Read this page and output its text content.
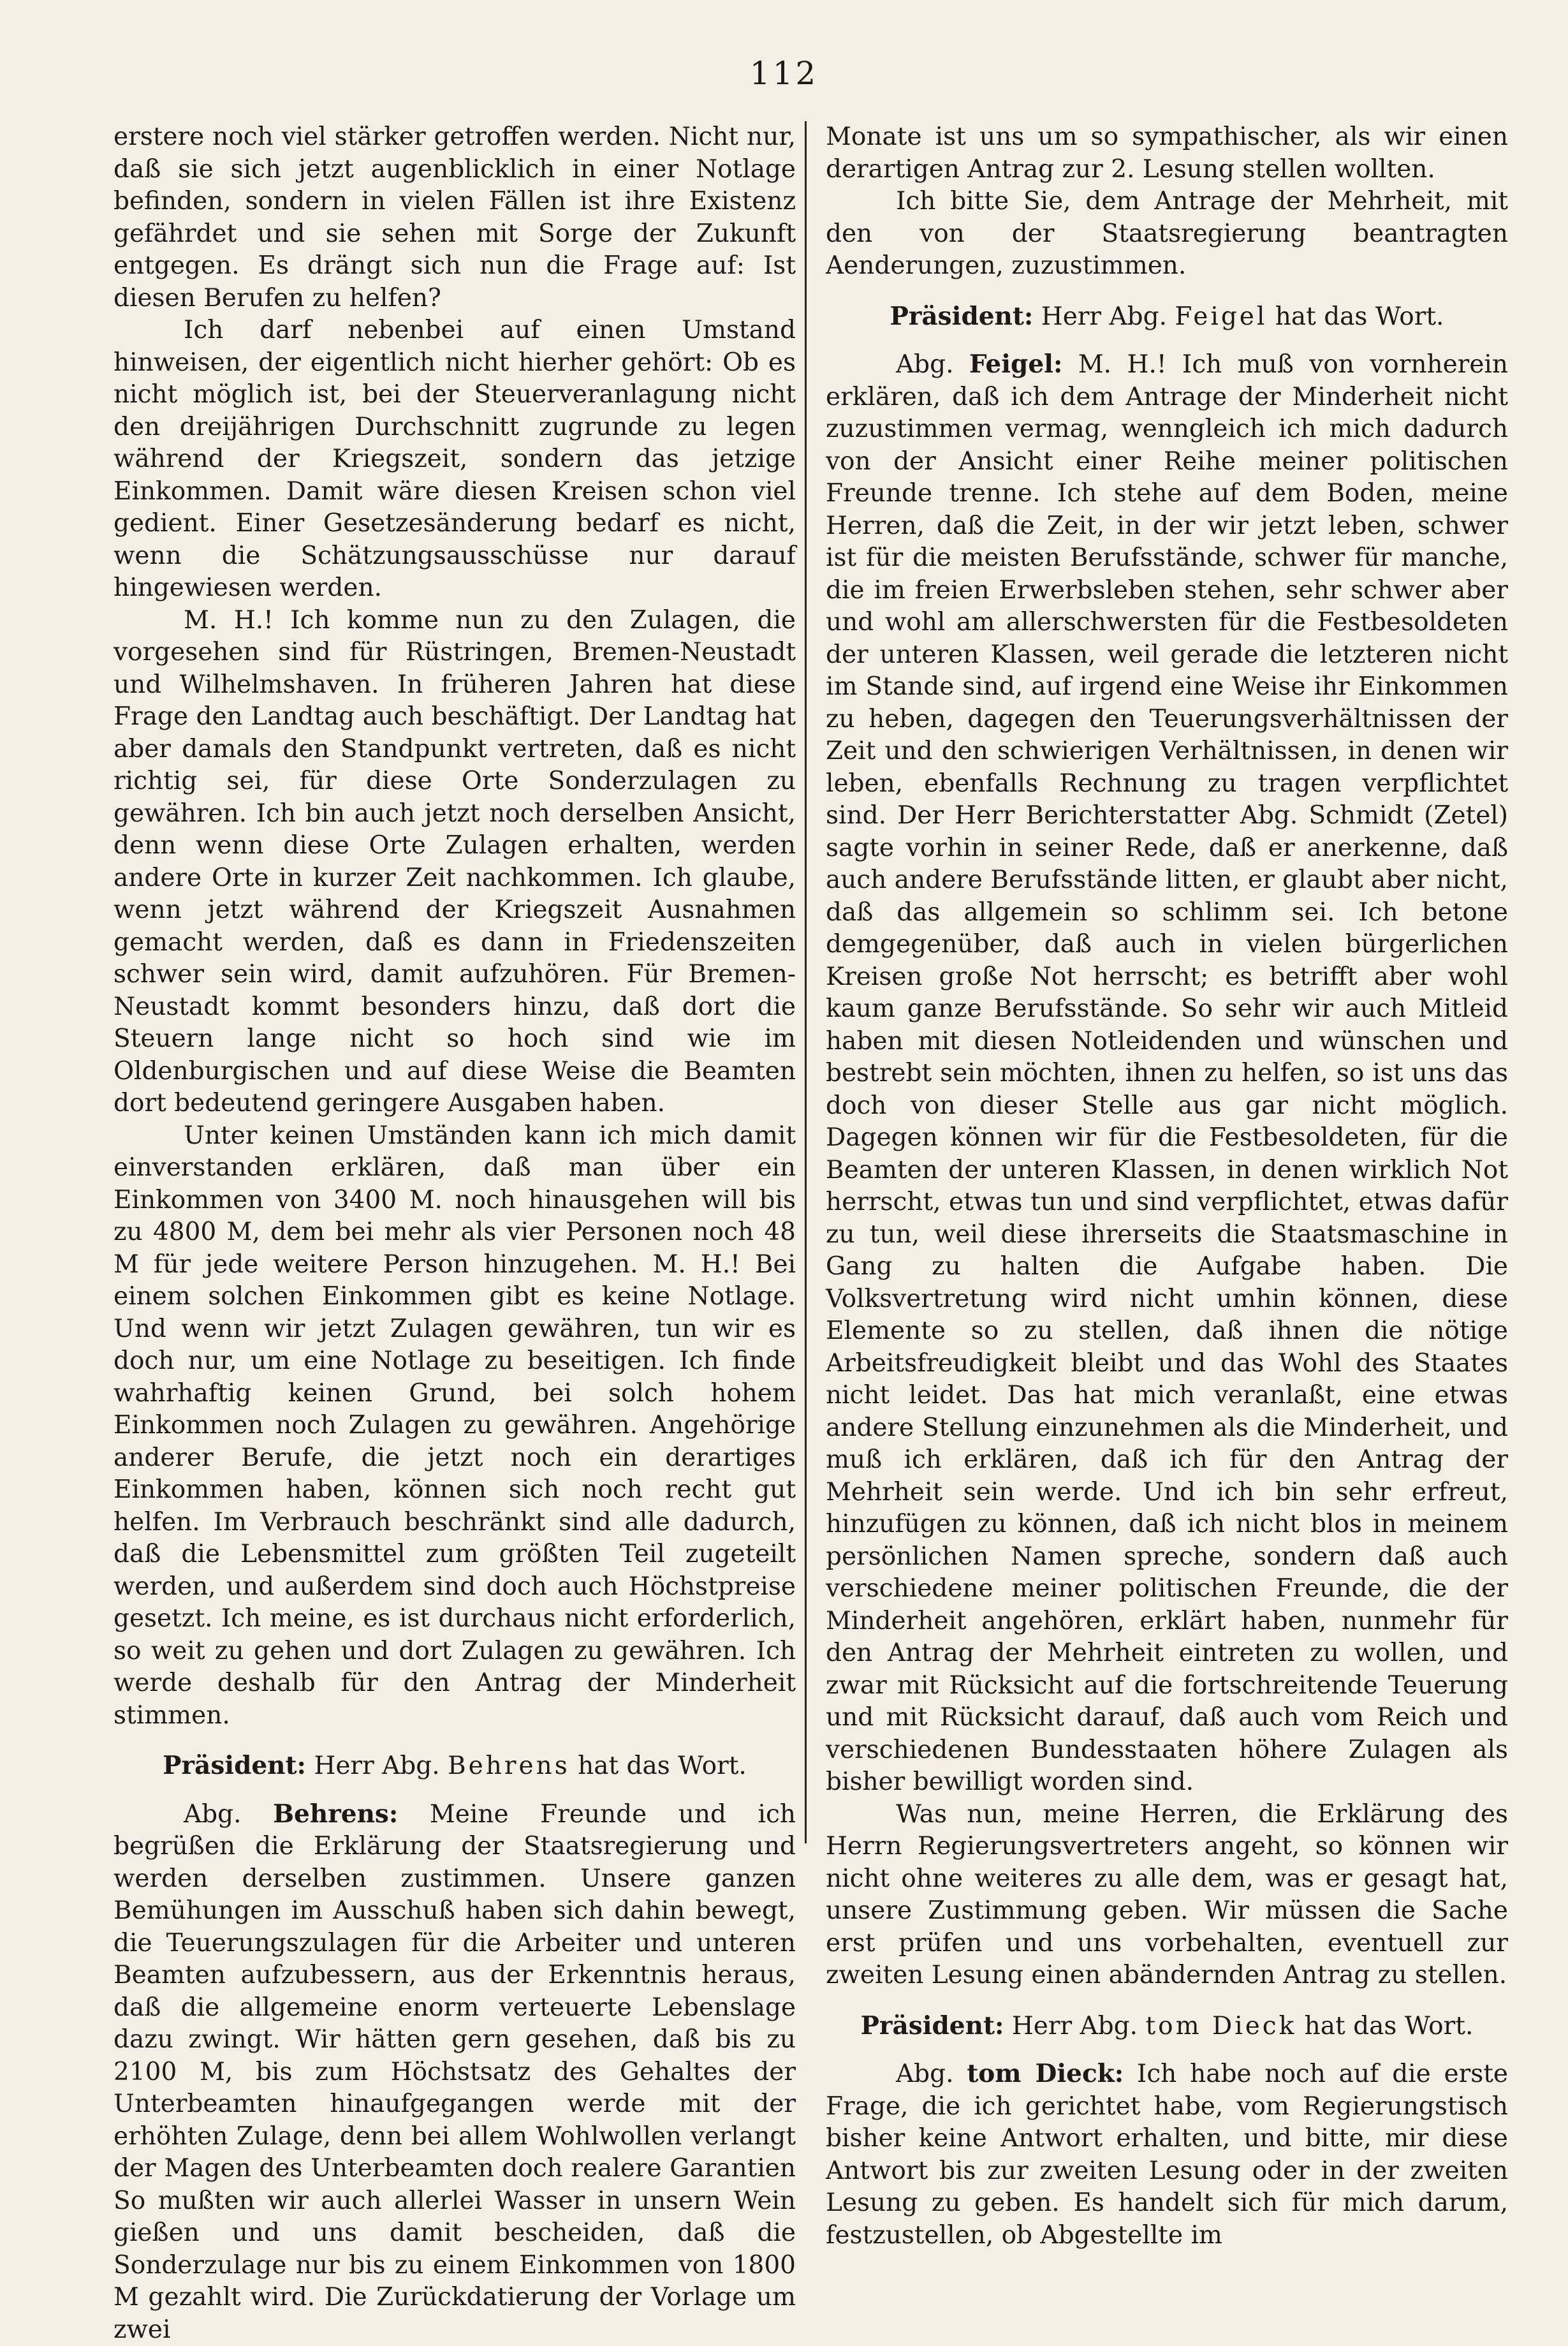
112

erstere noch viel stärker getroffen werden. Nicht nur, daß sie sich jetzt augenblicklich in einer Notlage befinden, sondern in vielen Fällen ist ihre Existenz gefährdet und sie sehen mit Sorge der Zukunft entgegen. Es drängt sich nun die Frage auf: Ist diesen Berufen zu helfen?

Ich darf nebenbei auf einen Umstand hinweisen, der eigentlich nicht hierher gehört: Ob es nicht möglich ist, bei der Steuerveranlagung nicht den dreijährigen Durchschnitt zugrunde zu legen während der Kriegszeit, sondern das jetzige Einkommen. Damit wäre diesen Kreisen schon viel gedient. Einer Gesetzesänderung bedarf es nicht, wenn die Schätzungsausschüsse nur darauf hingewiesen werden.

M. H.! Ich komme nun zu den Zulagen, die vorgesehen sind für Rüstringen, Bremen-Neustadt und Wilhelmshaven. In früheren Jahren hat diese Frage den Landtag auch beschäftigt. Der Landtag hat aber damals den Standpunkt vertreten, daß es nicht richtig sei, für diese Orte Sonderzulagen zu gewähren. Ich bin auch jetzt noch derselben Ansicht, denn wenn diese Orte Zulagen erhalten, werden andere Orte in kurzer Zeit nachkommen. Ich glaube, wenn jetzt während der Kriegszeit Ausnahmen gemacht werden, daß es dann in Friedenszeiten schwer sein wird, damit aufzuhören. Für Bremen-Neustadt kommt besonders hinzu, daß dort die Steuern lange nicht so hoch sind wie im Oldenburgischen und auf diese Weise die Beamten dort bedeutend geringere Ausgaben haben.

Unter keinen Umständen kann ich mich damit einverstanden erklären, daß man über ein Einkommen von 3400 M. noch hinausgehen will bis zu 4800 M, dem bei mehr als vier Personen noch 48 M für jede weitere Person hinzugehen. M. H.! Bei einem solchen Einkommen gibt es keine Notlage. Und wenn wir jetzt Zulagen gewähren, tun wir es doch nur, um eine Notlage zu beseitigen. Ich finde wahrhaftig keinen Grund, bei solch hohem Einkommen noch Zulagen zu gewähren. Angehörige anderer Berufe, die jetzt noch ein derartiges Einkommen haben, können sich noch recht gut helfen. Im Verbrauch beschränkt sind alle dadurch, daß die Lebensmittel zum größten Teil zugeteilt werden, und außerdem sind doch auch Höchstpreise gesetzt. Ich meine, es ist durchaus nicht erforderlich, so weit zu gehen und dort Zulagen zu gewähren. Ich werde deshalb für den Antrag der Minderheit stimmen.

Präsident: Herr Abg. Behrens hat das Wort.

Abg. Behrens: Meine Freunde und ich begrüßen die Erklärung der Staatsregierung und werden derselben zustimmen. Unsere ganzen Bemühungen im Ausschuß haben sich dahin bewegt, die Teuerungszulagen für die Arbeiter und unteren Beamten aufzubessern, aus der Erkenntnis heraus, daß die allgemeine enorm verteuerte Lebenslage dazu zwingt. Wir hätten gern gesehen, daß bis zu 2100 M, bis zum Höchstsatz des Gehaltes der Unterbeamten hinaufgegangen werde mit der erhöhten Zulage, denn bei allem Wohlwollen verlangt der Magen des Unterbeamten doch realere Garantien So mußten wir auch allerlei Wasser in unsern Wein gießen und uns damit bescheiden, daß die Sonderzulage nur bis zu einem Einkommen von 1800 M gezahlt wird. Die Zurückdatierung der Vorlage um zwei

Monate ist uns um so sympathischer, als wir einen derartigen Antrag zur 2. Lesung stellen wollten.

Ich bitte Sie, dem Antrage der Mehrheit, mit den von der Staatsregierung beantragten Aenderungen, zuzustimmen.

Präsident: Herr Abg. Feigel hat das Wort.

Abg. Feigel: M. H.! Ich muß von vornherein erklären, daß ich dem Antrage der Minderheit nicht zuzustimmen vermag, wenngleich ich mich dadurch von der Ansicht einer Reihe meiner politischen Freunde trenne. Ich stehe auf dem Boden, meine Herren, daß die Zeit, in der wir jetzt leben, schwer ist für die meisten Berufsstände, schwer für manche, die im freien Erwerbsleben stehen, sehr schwer aber und wohl am allerschwersten für die Festbesoldeten der unteren Klassen, weil gerade die letzteren nicht im Stande sind, auf irgend eine Weise ihr Einkommen zu heben, dagegen den Teuerungsverhältnissen der Zeit und den schwierigen Verhältnissen, in denen wir leben, ebenfalls Rechnung zu tragen verpflichtet sind. Der Herr Berichterstatter Abg. Schmidt (Zetel) sagte vorhin in seiner Rede, daß er anerkenne, daß auch andere Berufsstände litten, er glaubt aber nicht, daß das allgemein so schlimm sei. Ich betone demgegenüber, daß auch in vielen bürgerlichen Kreisen große Not herrscht; es betrifft aber wohl kaum ganze Berufsstände. So sehr wir auch Mitleid haben mit diesen Notleidenden und wünschen und bestrebt sein möchten, ihnen zu helfen, so ist uns das doch von dieser Stelle aus gar nicht möglich. Dagegen können wir für die Festbesoldeten, für die Beamten der unteren Klassen, in denen wirklich Not herrscht, etwas tun und sind verpflichtet, etwas dafür zu tun, weil diese ihrerseits die Staatsmaschine in Gang zu halten die Aufgabe haben. Die Volksvertretung wird nicht umhin können, diese Elemente so zu stellen, daß ihnen die nötige Arbeitsfreudigkeit bleibt und das Wohl des Staates nicht leidet. Das hat mich veranlaßt, eine etwas andere Stellung einzunehmen als die Minderheit, und muß ich erklären, daß ich für den Antrag der Mehrheit sein werde. Und ich bin sehr erfreut, hinzufügen zu können, daß ich nicht blos in meinem persönlichen Namen spreche, sondern daß auch verschiedene meiner politischen Freunde, die der Minderheit angehören, erklärt haben, nunmehr für den Antrag der Mehrheit eintreten zu wollen, und zwar mit Rücksicht auf die fortschreitende Teuerung und mit Rücksicht darauf, daß auch vom Reich und verschiedenen Bundesstaaten höhere Zulagen als bisher bewilligt worden sind.

Was nun, meine Herren, die Erklärung des Herrn Regierungsvertreters angeht, so können wir nicht ohne weiteres zu alle dem, was er gesagt hat, unsere Zustimmung geben. Wir müssen die Sache erst prüfen und uns vorbehalten, eventuell zur zweiten Lesung einen abändernden Antrag zu stellen.

Präsident: Herr Abg. tom Dieck hat das Wort.

Abg. tom Dieck: Ich habe noch auf die erste Frage, die ich gerichtet habe, vom Regierungstisch bisher keine Antwort erhalten, und bitte, mir diese Antwort bis zur zweiten Lesung oder in der zweiten Lesung zu geben. Es handelt sich für mich darum, festzustellen, ob Abgestellte im
